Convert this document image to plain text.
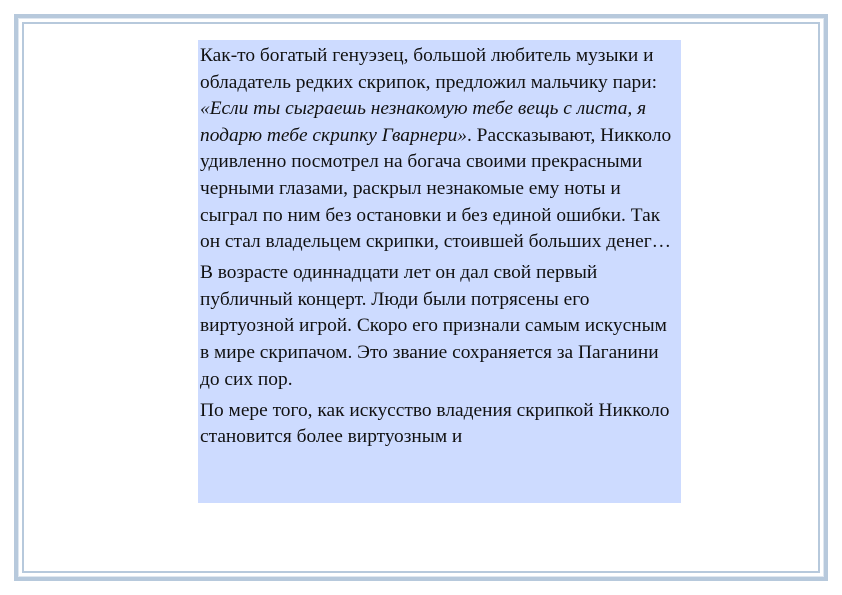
Как-то богатый генуэзец, большой любитель музыки и обладатель редких скрипок, предложил мальчику пари: «Если ты сыграешь незнакомую тебе вещь с листа, я подарю тебе скрипку Гварнери». Рассказывают, Никколо удивленно посмотрел на богача своими прекрасными черными глазами, раскрыл незнакомые ему ноты и сыграл по ним без остановки и без единой ошибки. Так он стал владельцем скрипки, стоившей больших денег…

В возрасте одиннадцати лет он дал свой первый публичный концерт. Люди были потрясены его виртуозной игрой. Скоро его признали самым искусным в мире скрипачом. Это звание сохраняется за Паганини до сих пор.

По мере того, как искусство владения скрипкой Никколо становится более виртуозным и
